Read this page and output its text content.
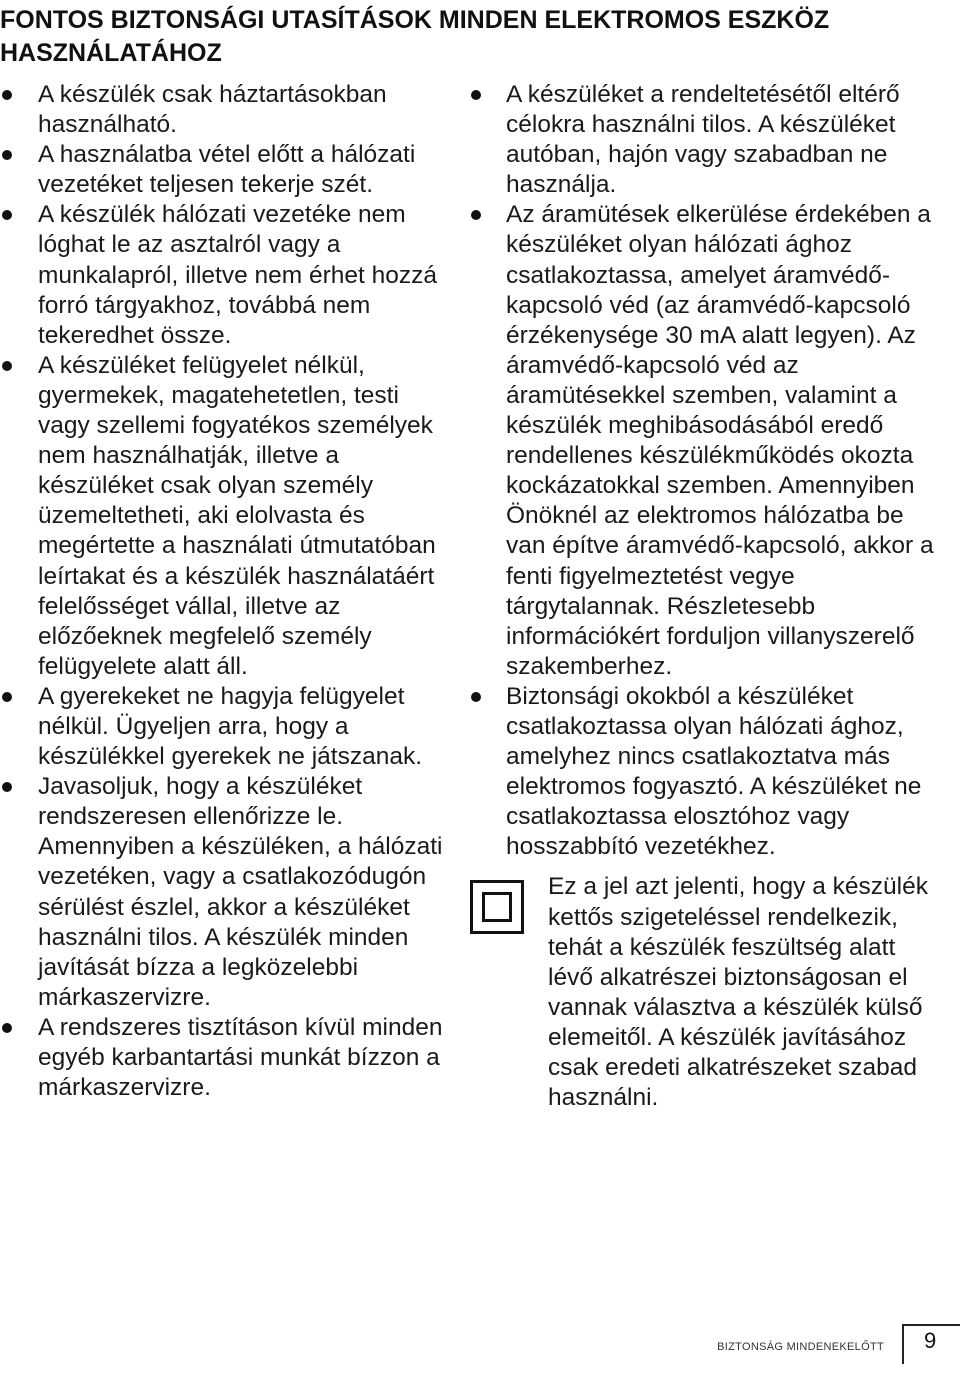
FONTOS BIZTONSÁGI UTASÍTÁSOK MINDEN ELEKTROMOS ESZKÖZ HASZNÁLATÁHOZ
A készülék csak háztartásokban használható.
A használatba vétel előtt a hálózati vezetéket teljesen tekerje szét.
A készülék hálózati vezetéke nem lóghat le az asztalról vagy a munkalapról, illetve nem érhet hozzá forró tárgyakhoz, továbbá nem tekeredhet össze.
A készüléket felügyelet nélkül, gyermekek, magatehetetlen, testi vagy szellemi fogyatékos személyek nem használhatják, illetve a készüléket csak olyan személy üzemeltetheti, aki elolvasta és megértette a használati útmutatóban leírtakat és a készülék használatáért felelősséget vállal, illetve az előzőeknek megfelelő személy felügyelete alatt áll.
A gyerekeket ne hagyja felügyelet nélkül. Ügyeljen arra, hogy a készülékkel gyerekek ne játszanak.
Javasoljuk, hogy a készüléket rendszeresen ellenőrizze le. Amennyiben a készüléken, a hálózati vezetéken, vagy a csatlakozódugón sérülést észlel, akkor a készüléket használni tilos. A készülék minden javítását bízza a legközelebbi márkaszervizre.
A rendszeres tisztításon kívül minden egyéb karbantartási munkát bízzon a márkaszervizre.
A készüléket a rendeltetésétől eltérő célokra használni tilos. A készüléket autóban, hajón vagy szabadban ne használja.
Az áramütések elkerülése érdekében a készüléket olyan hálózati ághoz csatlakoztassa, amelyet áramvédő-kapcsoló véd (az áramvédő-kapcsoló érzékenysége 30 mA alatt legyen). Az áramvédő-kapcsoló véd az áramütésekkel szemben, valamint a készülék meghibásodásából eredő rendellenes készülékműködés okozta kockázatokkal szemben. Amennyiben Önöknél az elektromos hálózatba be van építve áramvédő-kapcsoló, akkor a fenti figyelmeztetést vegye tárgytalannak. Részletesebb információkért forduljon villanyszerelő szakemberhez.
Biztonsági okokból a készüléket csatlakoztassa olyan hálózati ághoz, amelyhez nincs csatlakoztatva más elektromos fogyasztó. A készüléket ne csatlakoztassa elosztóhoz vagy hosszabbító vezetékhez.
Ez a jel azt jelenti, hogy a készülék kettős szigeteléssel rendelkezik, tehát a készülék feszültség alatt lévő alkatrészei biztonságosan el vannak választva a készülék külső elemeitől. A készülék javításához csak eredeti alkatrészeket szabad használni.
BIZTONSÁG MINDENEKELŐTT	9
